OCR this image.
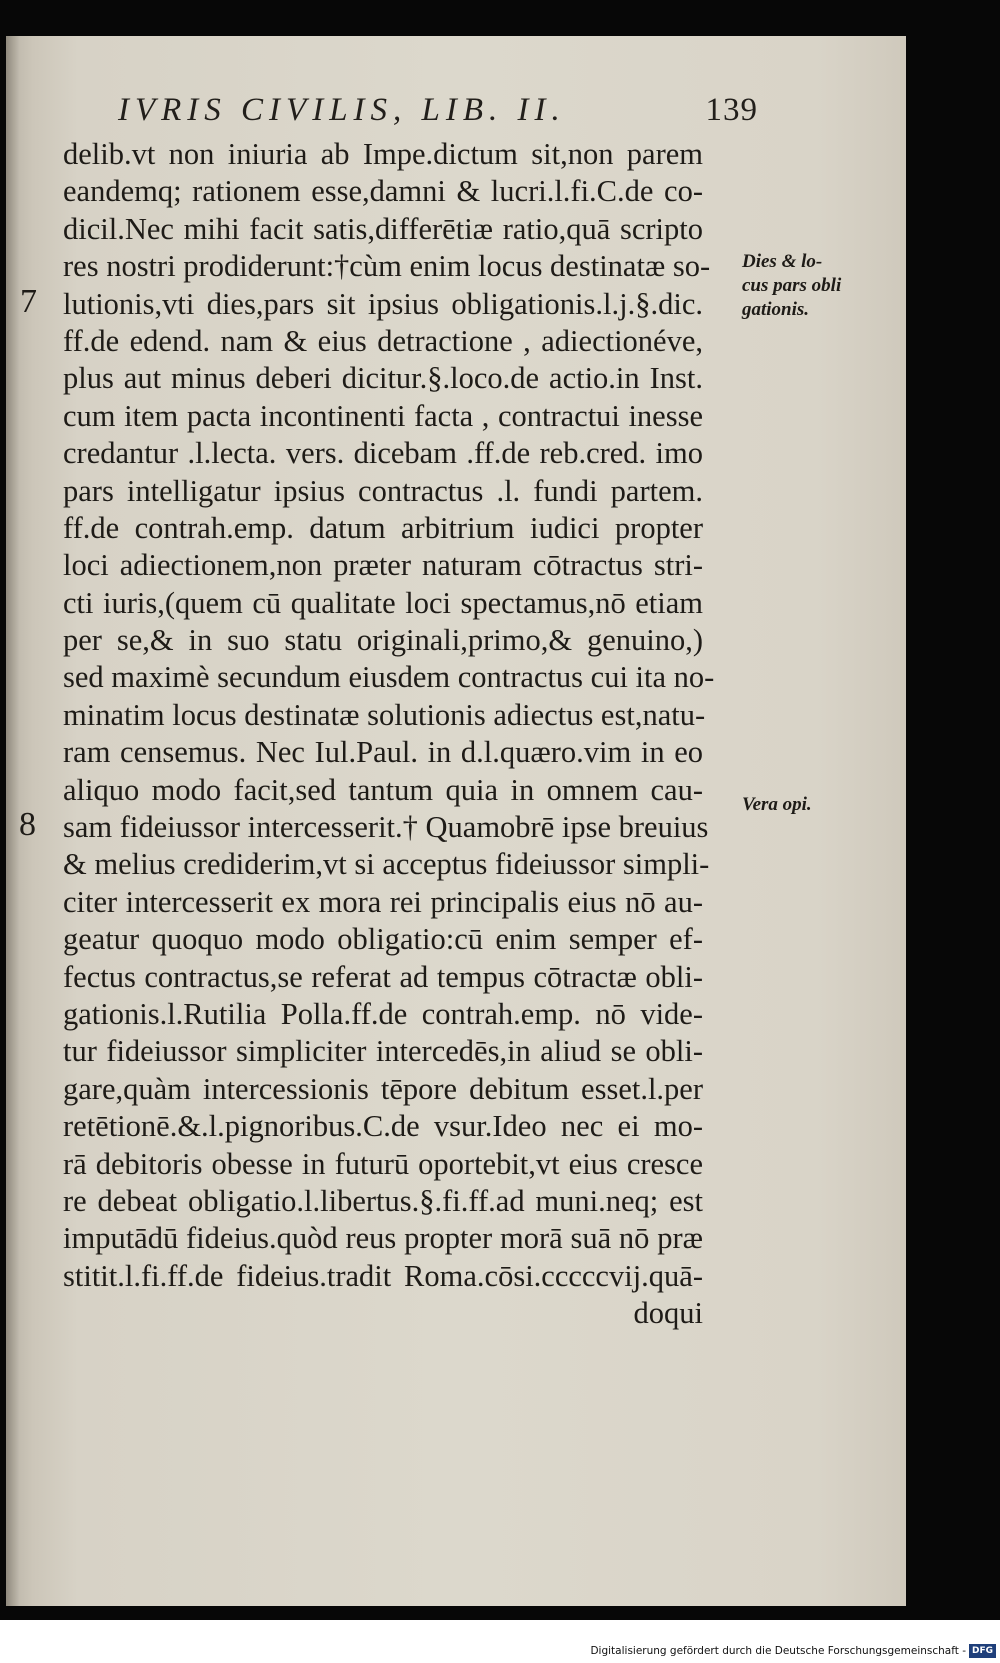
IVRIS CIVILIS, LIB. II.	139
delib.vt non iniuria ab Impe.dictum sit,non parem
eandemq; rationem esse,damni & lucri.l.fi.C.de co-
dicil.Nec mihi facit satis,differētiæ ratio,quā scripto
res nostri prodiderunt:†cùm enim locus destinatæ so-
lutionis,vti dies,pars sit ipsius obligationis.l.j.§.dic.
ff.de edend. nam & eius detractione , adiectionéve,
plus aut minus deberi dicitur.§.loco.de actio.in Inst.
cum item pacta incontinenti facta , contractui inesse
credantur .l.lecta. vers. dicebam .ff.de reb.cred. imo
pars intelligatur ipsius contractus .l. fundi partem.
ff.de contrah.emp. datum arbitrium iudici propter
loci adiectionem,non præter naturam cōtractus stri-
cti iuris,(quem cū qualitate loci spectamus,nō etiam
per se,& in suo statu originali,primo,& genuino,)
sed maximè secundum eiusdem contractus cui ita no-
minatim locus destinatæ solutionis adiectus est,natu-
ram censemus. Nec Iul.Paul. in d.l.quæro.vim in eo
aliquo modo facit,sed tantum quia in omnem cau-
sam fideiussor intercesserit.† Quamobrē ipse breuius
& melius crediderim,vt si acceptus fideiussor simpli-
citer intercesserit ex mora rei principalis eius nō au-
geatur quoquo modo obligatio:cū enim semper ef-
fectus contractus,se referat ad tempus cōtractæ obli-
gationis.l.Rutilia Polla.ff.de contrah.emp. nō vide-
tur fideiussor simpliciter intercedēs,in aliud se obli-
gare,quàm intercessionis tēpore debitum esset.l.per
retētionē.&.l.pignoribus.C.de vsur.Ideo nec ei mo-
rā debitoris obesse in futurū oportebit,vt eius cresce
re debeat obligatio.l.libertus.§.fi.ff.ad muni.neq; est
imputādū fideius.quòd reus propter morā suā nō præ
stitit.l.fi.ff.de fideius.tradit Roma.cōsi.cccccvij.quā-
doqui
7
8
Dies & lo-
cus pars obli
gationis.
Vera opi.
Digitalisierung gefördert durch die Deutsche Forschungsgemeinschaft - DFG
